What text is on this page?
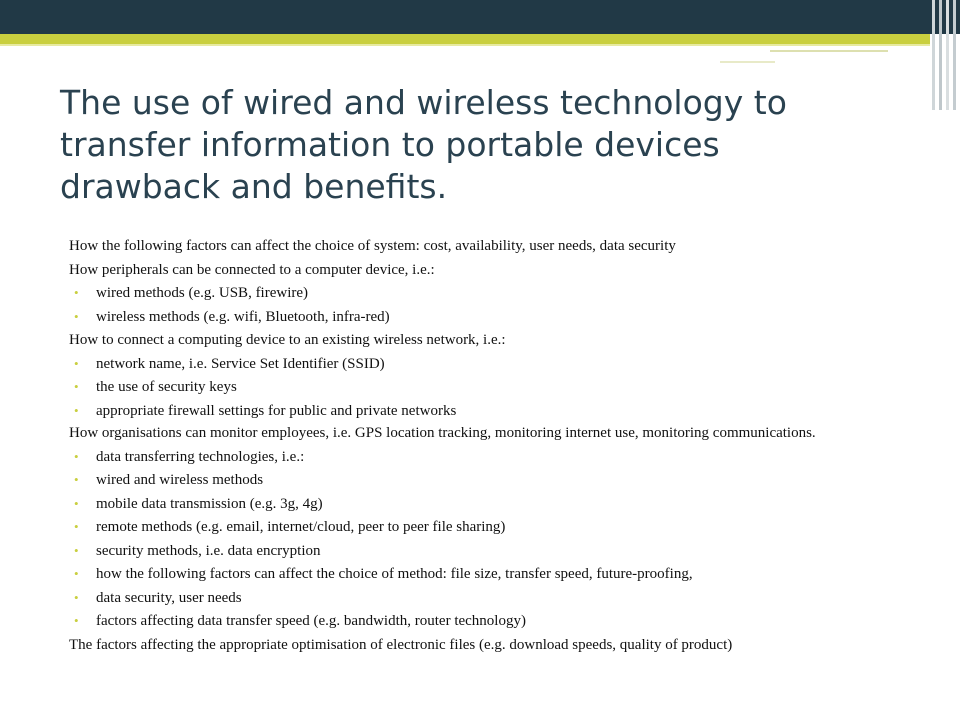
The use of wired and wireless technology to
transfer information to portable devices
drawback and benefits.
How the following factors can affect the choice of system: cost, availability, user needs, data security
How peripherals can be connected to a computer device, i.e.:
• wired methods (e.g. USB, firewire)
• wireless methods (e.g. wifi, Bluetooth, infra-red)
How to connect a computing device to an existing wireless network, i.e.:
• network name, i.e. Service Set Identifier (SSID)
• the use of security keys
• appropriate firewall settings for public and private networks
How organisations can monitor employees, i.e. GPS location tracking, monitoring internet use, monitoring communications.
• data transferring technologies, i.e.:
• wired and wireless methods
• mobile data transmission (e.g. 3g, 4g)
• remote methods (e.g. email, internet/cloud, peer to peer file sharing)
• security methods, i.e. data encryption
• how the following factors can affect the choice of method: file size, transfer speed, future-proofing,
• data security, user needs
• factors affecting data transfer speed (e.g. bandwidth, router technology)
The factors affecting the appropriate optimisation of electronic files (e.g. download speeds, quality of product)
